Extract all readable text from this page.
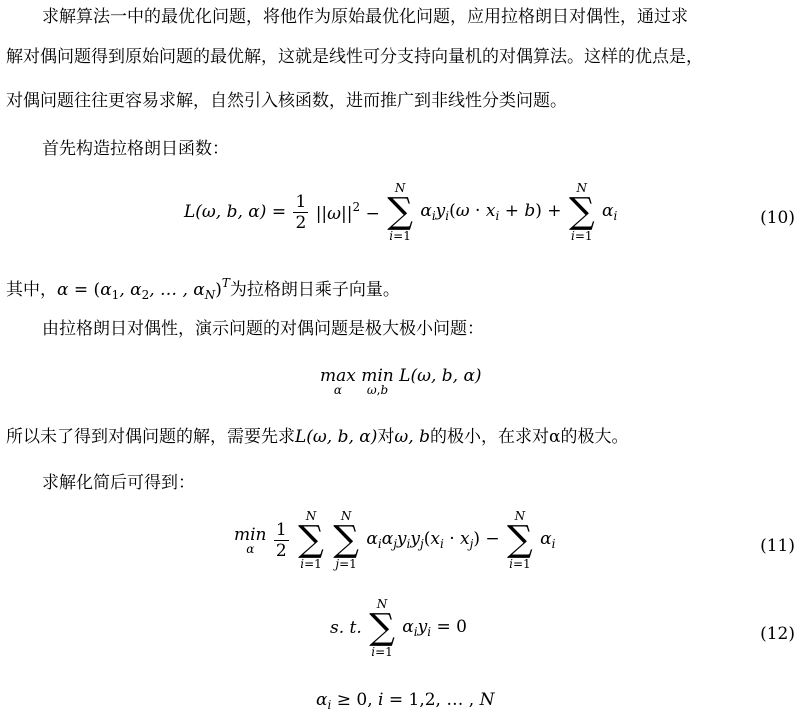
求解算法一中的最优化问题，将他作为原始最优化问题，应用拉格朗日对偶性，通过求
解对偶问题得到原始问题的最优解，这就是线性可分支持向量机的对偶算法。这样的优点是，
对偶问题往往更容易求解，自然引入核函数，进而推广到非线性分类问题。
首先构造拉格朗日函数：
L(ω, b, $\alpha) = \frac{1}{2} ||\omega||^2$ −
N
∑
i=1
$\alpha_iy_i(\omega \cdot x_i + b)$ +
N
∑
i=1
$\alpha_i$	(10)
其中，$\alpha = (\alpha_1$, $\alpha_2$, … , $\alpha_N)^T$为拉格朗日乘子向量。
由拉格朗日对偶性，演示问题的对偶问题是极大极小问题：
max
α
min
ω,b
L(ω, b, α)
所以未了得到对偶问题的解，需要先求L(ω, b, α)对ω, b的极小，在求对α的极大。
求解化简后可得到：
min
α
	$\frac{1}{2}$

N
∑
i=1

N
∑
j=1
$\alpha_i\alpha_jy_iy_j(x_i \cdot x_j)$ −
N
∑
i=1
$\alpha_i$	(11)
s. t.
N
∑
i=1
$\alpha_iy_i = 0$	(12)
$\alpha_i \ge 0$, i = 1,2, … , N
